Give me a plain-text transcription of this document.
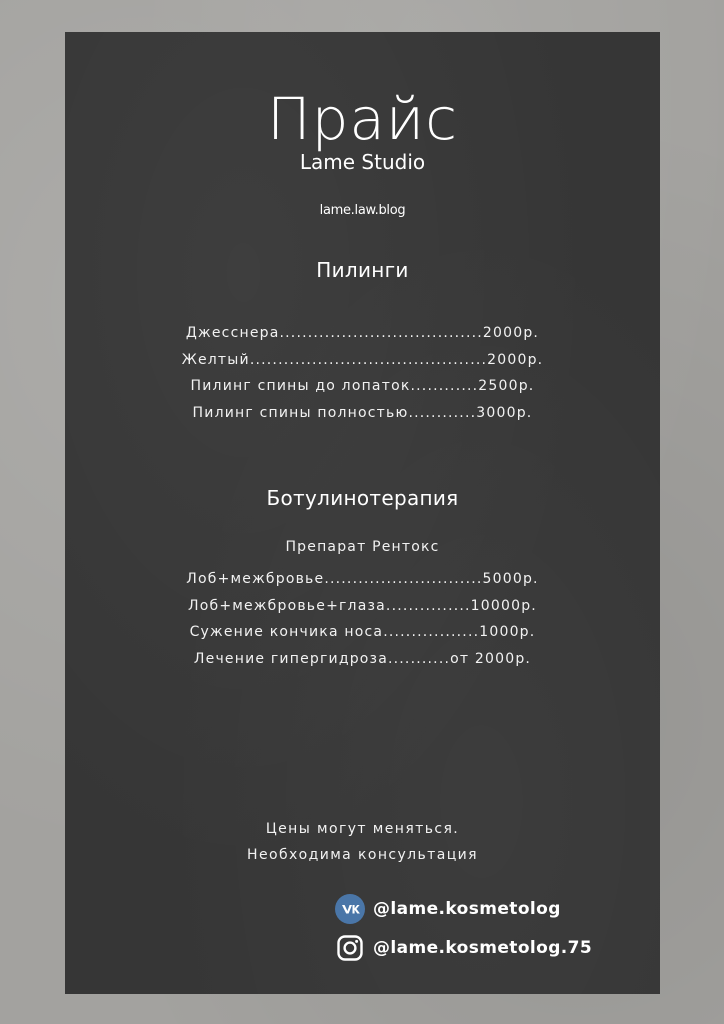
Прайс
Lame Studio
lame.law.blog
Пилинги
Джесснера....................................2000р.
Желтый..........................................2000р.
Пилинг спины до лопаток............2500р.
Пилинг спины полностью............3000р.
Ботулинотерапия
Препарат Рентокс
Лоб+межбровье............................5000р.
Лоб+межбровье+глаза...............10000р.
Сужение кончика носа.................1000р.
Лечение гипергидроза...........от 2000р.
Цены могут меняться.
Необходима консультация
@lame.kosmetolog
@lame.kosmetolog.75
